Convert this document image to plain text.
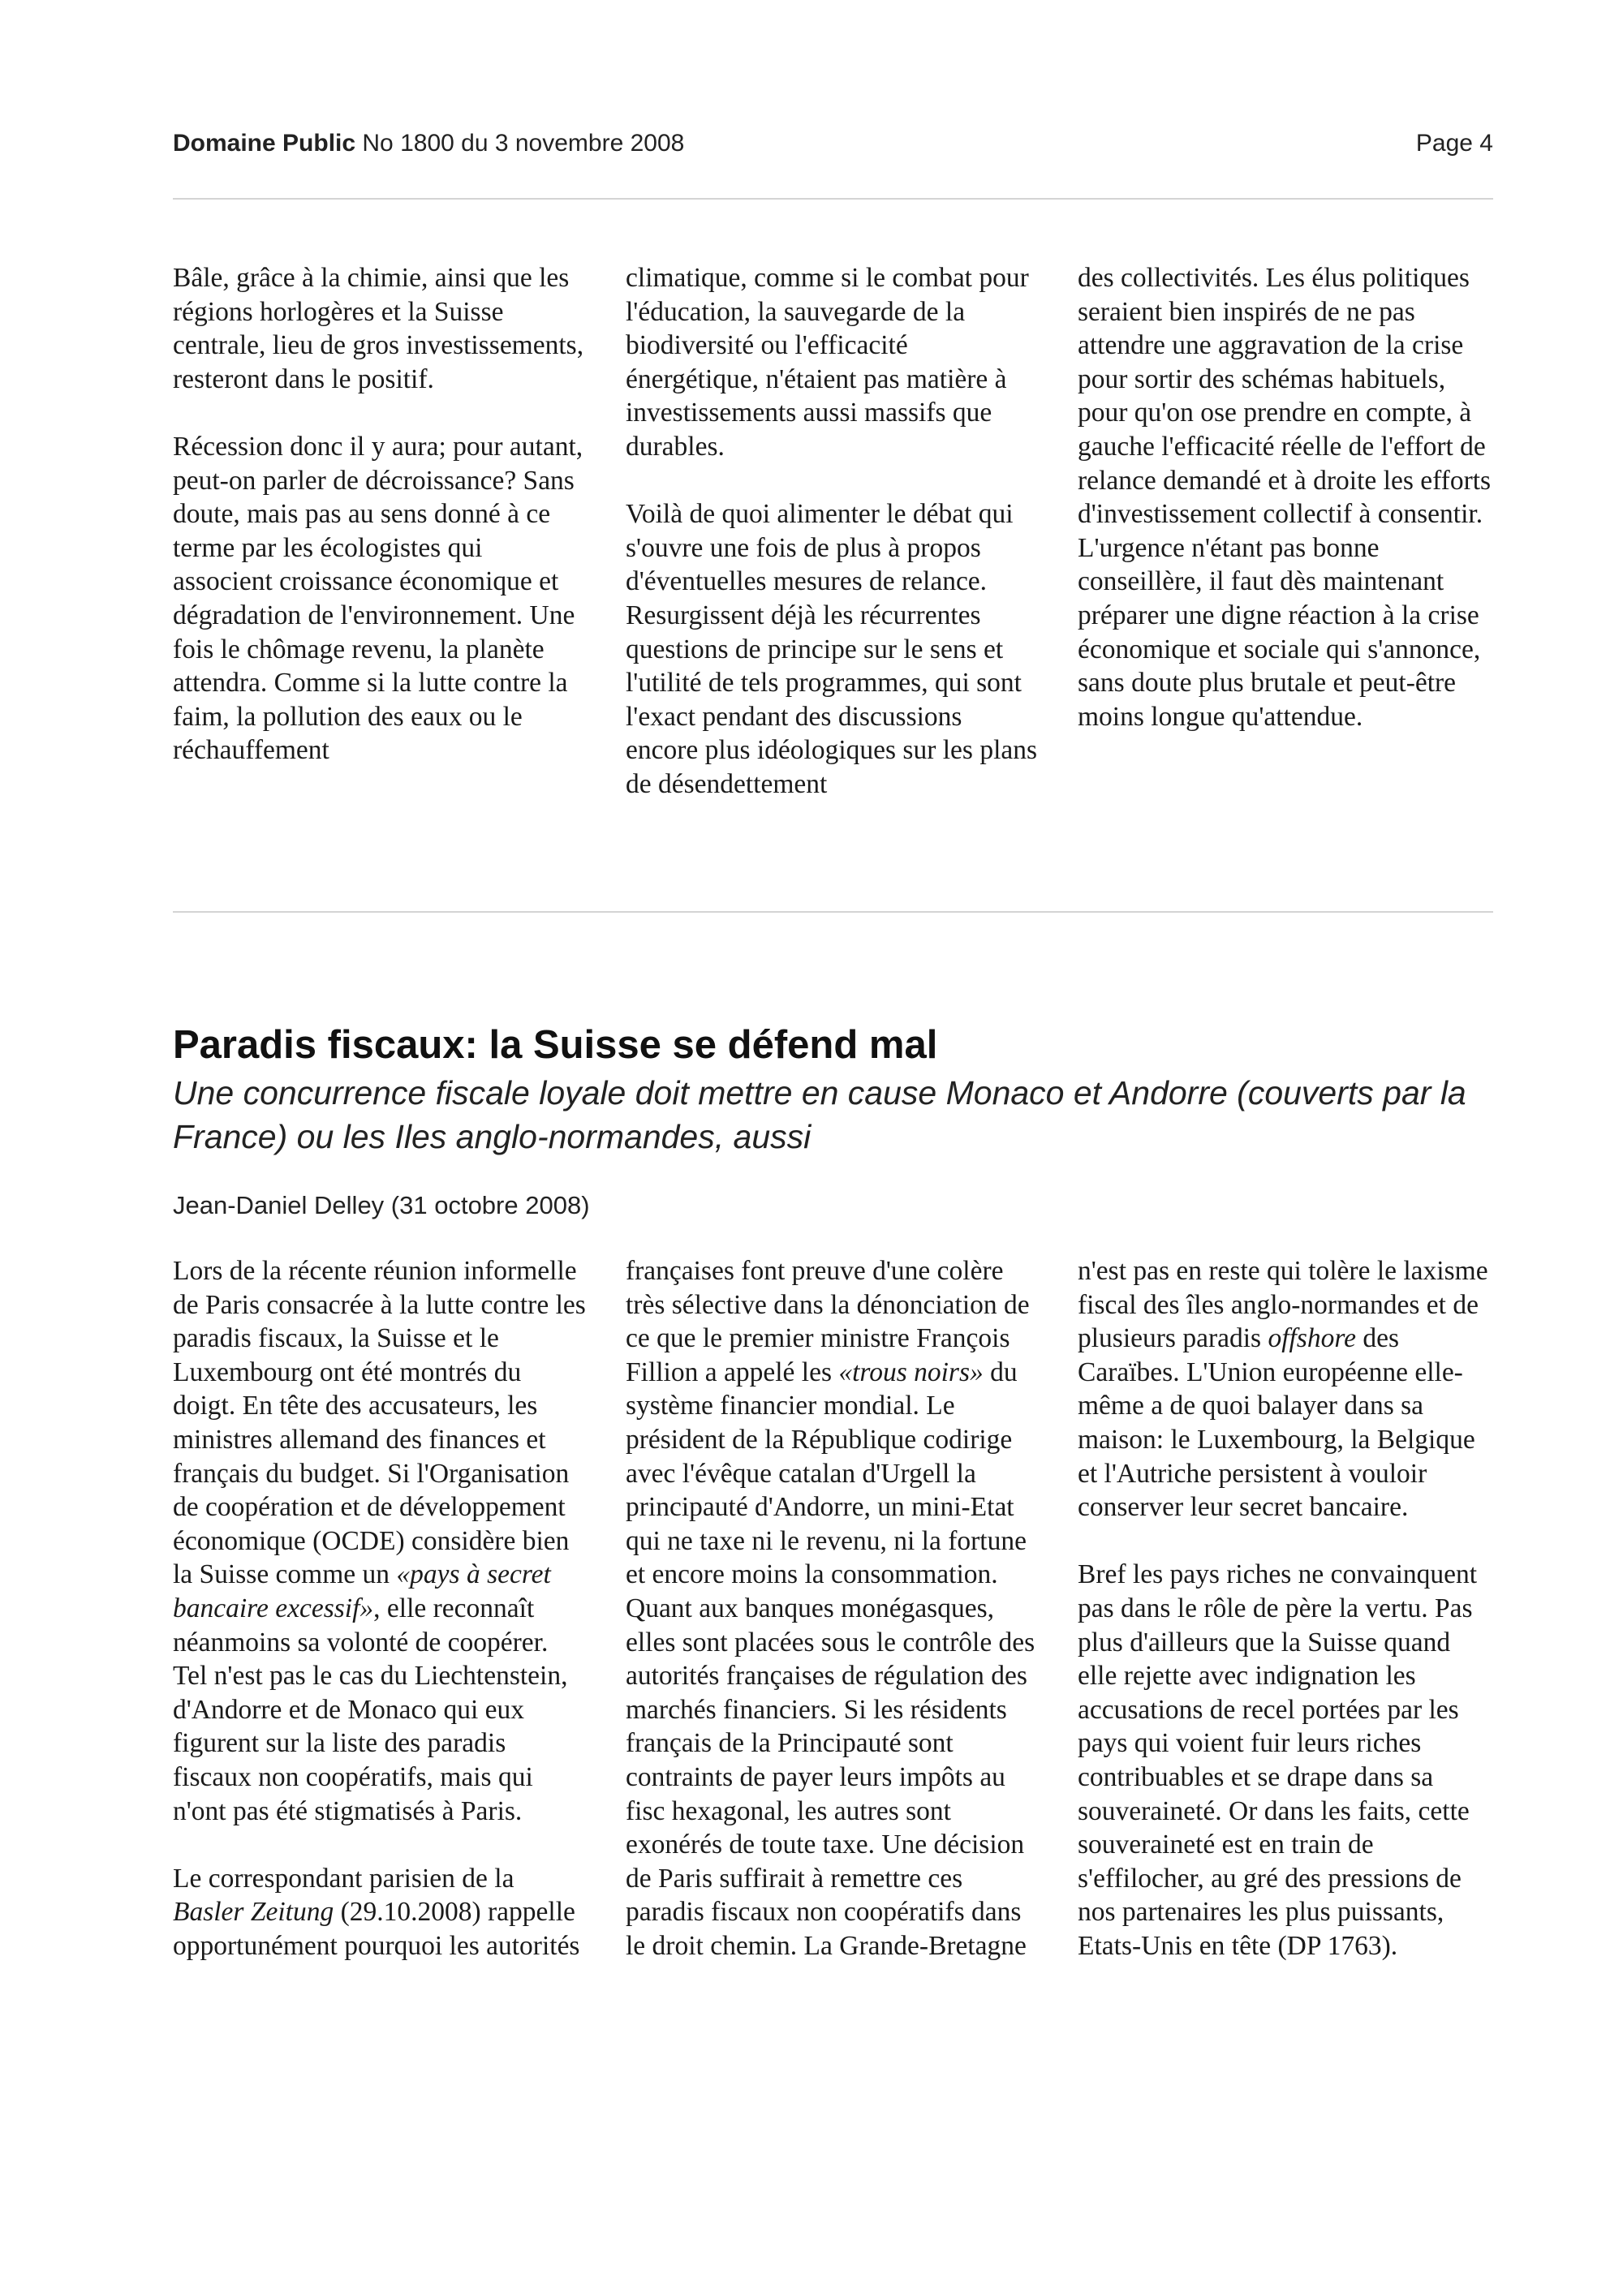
Domaine Public No 1800 du 3 novembre 2008	Page 4

Bâle, grâce à la chimie, ainsi que les régions horlogères et la Suisse centrale, lieu de gros investissements, resteront dans le positif.

Récession donc il y aura; pour autant, peut-on parler de décroissance? Sans doute, mais pas au sens donné à ce terme par les écologistes qui associent croissance économique et dégradation de l'environnement. Une fois le chômage revenu, la planète attendra. Comme si la lutte contre la faim, la pollution des eaux ou le réchauffement

climatique, comme si le combat pour l'éducation, la sauvegarde de la biodiversité ou l'efficacité énergétique, n'étaient pas matière à investissements aussi massifs que durables.

Voilà de quoi alimenter le débat qui s'ouvre une fois de plus à propos d'éventuelles mesures de relance. Resurgissent déjà les récurrentes questions de principe sur le sens et l'utilité de tels programmes, qui sont l'exact pendant des discussions encore plus idéologiques sur les plans de désendettement

des collectivités. Les élus politiques seraient bien inspirés de ne pas attendre une aggravation de la crise pour sortir des schémas habituels, pour qu'on ose prendre en compte, à gauche l'efficacité réelle de l'effort de relance demandé et à droite les efforts d'investissement collectif à consentir. L'urgence n'étant pas bonne conseillère, il faut dès maintenant préparer une digne réaction à la crise économique et sociale qui s'annonce, sans doute plus brutale et peut-être moins longue qu'attendue.

Paradis fiscaux: la Suisse se défend mal

Une concurrence fiscale loyale doit mettre en cause Monaco et Andorre (couverts par la France) ou les Iles anglo-normandes, aussi

Jean-Daniel Delley (31 octobre 2008)

Lors de la récente réunion informelle de Paris consacrée à la lutte contre les paradis fiscaux, la Suisse et le Luxembourg ont été montrés du doigt. En tête des accusateurs, les ministres allemand des finances et français du budget. Si l'Organisation de coopération et de développement économique (OCDE) considère bien la Suisse comme un «pays à secret bancaire excessif», elle reconnaît néanmoins sa volonté de coopérer. Tel n'est pas le cas du Liechtenstein, d'Andorre et de Monaco qui eux figurent sur la liste des paradis fiscaux non coopératifs, mais qui n'ont pas été stigmatisés à Paris.

Le correspondant parisien de la Basler Zeitung (29.10.2008) rappelle opportunément pourquoi les autorités

françaises font preuve d'une colère très sélective dans la dénonciation de ce que le premier ministre François Fillion a appelé les «trous noirs» du système financier mondial. Le président de la République codirige avec l'évêque catalan d'Urgell la principauté d'Andorre, un mini-Etat qui ne taxe ni le revenu, ni la fortune et encore moins la consommation. Quant aux banques monégasques, elles sont placées sous le contrôle des autorités françaises de régulation des marchés financiers. Si les résidents français de la Principauté sont contraints de payer leurs impôts au fisc hexagonal, les autres sont exonérés de toute taxe. Une décision de Paris suffirait à remettre ces paradis fiscaux non coopératifs dans le droit chemin. La Grande-Bretagne

n'est pas en reste qui tolère le laxisme fiscal des îles anglo-normandes et de plusieurs paradis offshore des Caraïbes. L'Union européenne elle-même a de quoi balayer dans sa maison: le Luxembourg, la Belgique et l'Autriche persistent à vouloir conserver leur secret bancaire.

Bref les pays riches ne convainquent pas dans le rôle de père la vertu. Pas plus d'ailleurs que la Suisse quand elle rejette avec indignation les accusations de recel portées par les pays qui voient fuir leurs riches contribuables et se drape dans sa souveraineté. Or dans les faits, cette souveraineté est en train de s'effilocher, au gré des pressions de nos partenaires les plus puissants, Etats-Unis en tête (DP 1763).
